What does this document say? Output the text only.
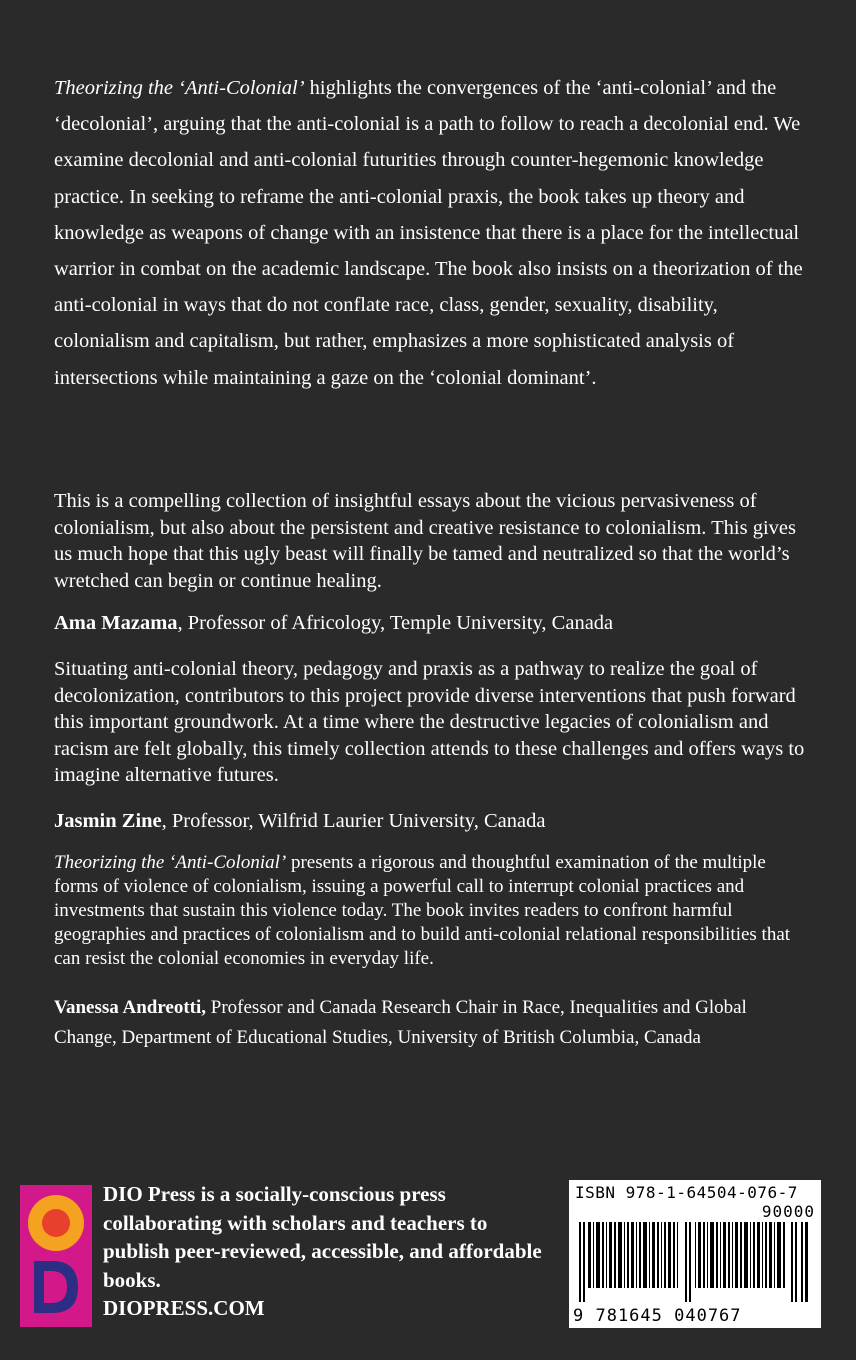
Theorizing the ‘Anti-Colonial’ highlights the convergences of the ‘anti-colonial’ and the ‘decolonial’, arguing that the anti-colonial is a path to follow to reach a decolonial end. We examine decolonial and anti-colonial futurities through counter-hegemonic knowledge practice. In seeking to reframe the anti-colonial praxis, the book takes up theory and knowledge as weapons of change with an insistence that there is a place for the intellectual warrior in combat on the academic landscape. The book also insists on a theorization of the anti-colonial in ways that do not conflate race, class, gender, sexuality, disability, colonialism and capitalism, but rather, emphasizes a more sophisticated analysis of intersections while maintaining a gaze on the ‘colonial dominant’.

This is a compelling collection of insightful essays about the vicious pervasiveness of colonialism, but also about the persistent and creative resistance to colonialism. This gives us much hope that this ugly beast will finally be tamed and neutralized so that the world’s wretched can begin or continue healing.

Ama Mazama, Professor of Africology, Temple University, Canada

Situating anti-colonial theory, pedagogy and praxis as a pathway to realize the goal of decolonization, contributors to this project provide diverse interventions that push forward this important groundwork. At a time where the destructive legacies of colonialism and racism are felt globally, this timely collection attends to these challenges and offers ways to imagine alternative futures.

Jasmin Zine, Professor, Wilfrid Laurier University, Canada

Theorizing the ‘Anti-Colonial’ presents a rigorous and thoughtful examination of the multiple forms of violence of colonialism, issuing a powerful call to interrupt colonial practices and investments that sustain this violence today. The book invites readers to confront harmful geographies and practices of colonialism and to build anti-colonial relational responsibilities that can resist the colonial economies in everyday life.

Vanessa Andreotti, Professor and Canada Research Chair in Race, Inequalities and Global Change, Department of Educational Studies, University of British Columbia, Canada

DIO Press is a socially-conscious press collaborating with scholars and teachers to publish peer-reviewed, accessible, and affordable books.
DIOPRESS.COM

ISBN 978-1-64504-076-7
90000
9 781645 040767
